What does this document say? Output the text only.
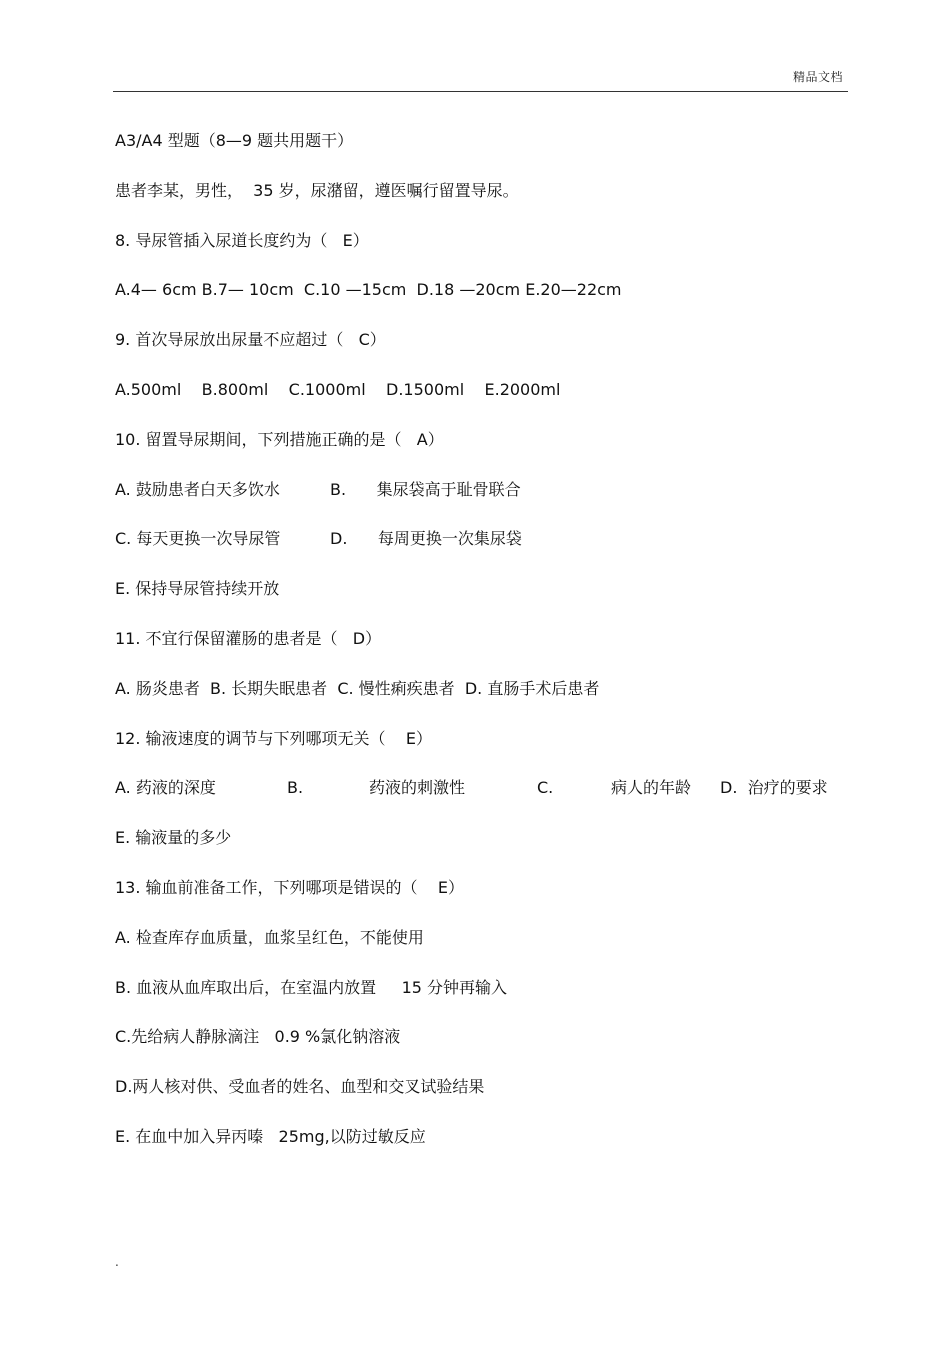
精品文档
A3/A4 型题（8—9 题共用题干）
患者李某，男性，  35 岁，尿潴留，遵医嘱行留置导尿。
8. 导尿管插入尿道长度约为（   E）
A.4— 6cm B.7— 10cm  C.10 —15cm  D.18 —20cm E.20—22cm
9. 首次导尿放出尿量不应超过（   C）
A.500ml    B.800ml    C.1000ml    D.1500ml    E.2000ml
10. 留置导尿期间，下列措施正确的是（   A）
A. 鼓励患者白天多饮水	B.      集尿袋高于耻骨联合
C. 每天更换一次导尿管	D.      每周更换一次集尿袋
E. 保持导尿管持续开放
11. 不宜行保留灌肠的患者是（   D）
A. 肠炎患者  B. 长期失眠患者  C. 慢性痢疾患者  D. 直肠手术后患者
12. 输液速度的调节与下列哪项无关（    E）
A. 药液的深度	B.	药液的刺激性	C.	病人的年龄 D.  治疗的要求
E. 输液量的多少
13. 输血前准备工作，下列哪项是错误的（    E）
A. 检查库存血质量，血浆呈红色，不能使用
B. 血液从血库取出后，在室温内放置     15 分钟再输入
C.先给病人静脉滴注   0.9 %氯化钠溶液
D.两人核对供、受血者的姓名、血型和交叉试验结果
E. 在血中加入异丙嗪   25mg,以防过敏反应
.
